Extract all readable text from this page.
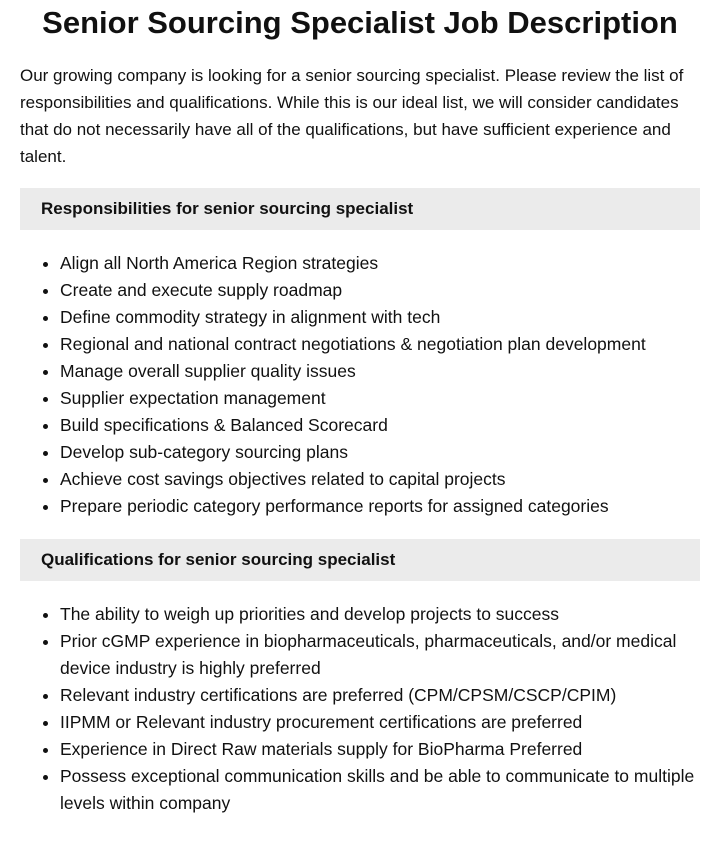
Senior Sourcing Specialist Job Description

Our growing company is looking for a senior sourcing specialist. Please review the list of responsibilities and qualifications. While this is our ideal list, we will consider candidates that do not necessarily have all of the qualifications, but have sufficient experience and talent.

Responsibilities for senior sourcing specialist
• Align all North America Region strategies
• Create and execute supply roadmap
• Define commodity strategy in alignment with tech
• Regional and national contract negotiations & negotiation plan development
• Manage overall supplier quality issues
• Supplier expectation management
• Build specifications & Balanced Scorecard
• Develop sub-category sourcing plans
• Achieve cost savings objectives related to capital projects
• Prepare periodic category performance reports for assigned categories
Qualifications for senior sourcing specialist
• The ability to weigh up priorities and develop projects to success
• Prior cGMP experience in biopharmaceuticals, pharmaceuticals, and/or medical device industry is highly preferred
• Relevant industry certifications are preferred (CPM/CPSM/CSCP/CPIM)
• IIPMM or Relevant industry procurement certifications are preferred
• Experience in Direct Raw materials supply for BioPharma Preferred
• Possess exceptional communication skills and be able to communicate to multiple levels within company
